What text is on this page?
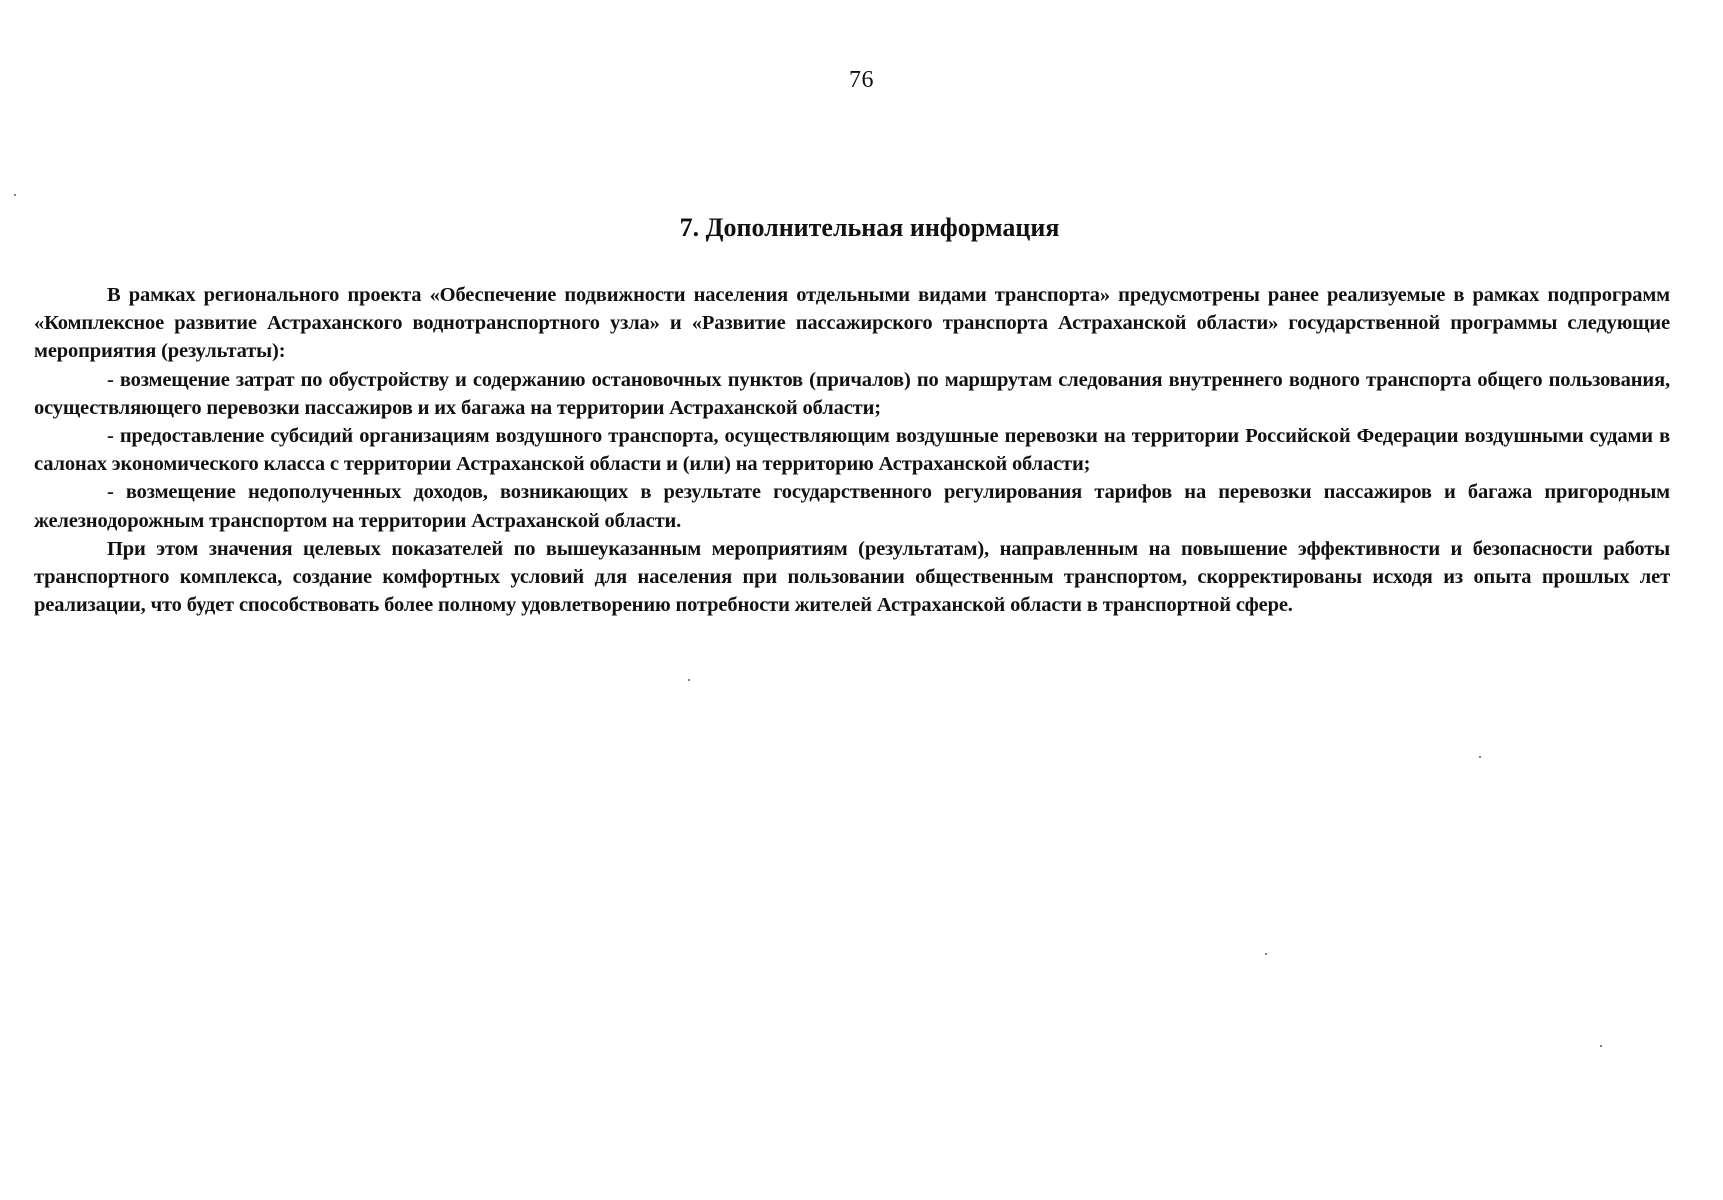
76
7. Дополнительная информация

В рамках регионального проекта «Обеспечение подвижности населения отдельными видами транспорта» предусмотрены ранее реализуемые в рамках подпрограмм «Комплексное развитие Астраханского воднотранспортного узла» и «Развитие пассажирского транспорта Астраханской области» государственной программы следующие мероприятия (результаты):

- возмещение затрат по обустройству и содержанию остановочных пунктов (причалов) по маршрутам следования внутреннего водного транспорта общего пользования, осуществляющего перевозки пассажиров и их багажа на территории Астраханской области;

- предоставление субсидий организациям воздушного транспорта, осуществляющим воздушные перевозки на территории Российской Федерации воздушными судами в салонах экономического класса с территории Астраханской области и (или) на территорию Астраханской области;

- возмещение недополученных доходов, возникающих в результате государственного регулирования тарифов на перевозки пассажиров и багажа пригородным железнодорожным транспортом на территории Астраханской области.

При этом значения целевых показателей по вышеуказанным мероприятиям (результатам), направленным на повышение эффективности и безопасности работы транспортного комплекса, создание комфортных условий для населения при пользовании общественным транспортом, скорректированы исходя из опыта прошлых лет реализации, что будет способствовать более полному удовлетворению потребности жителей Астраханской области в транспортной сфере.
